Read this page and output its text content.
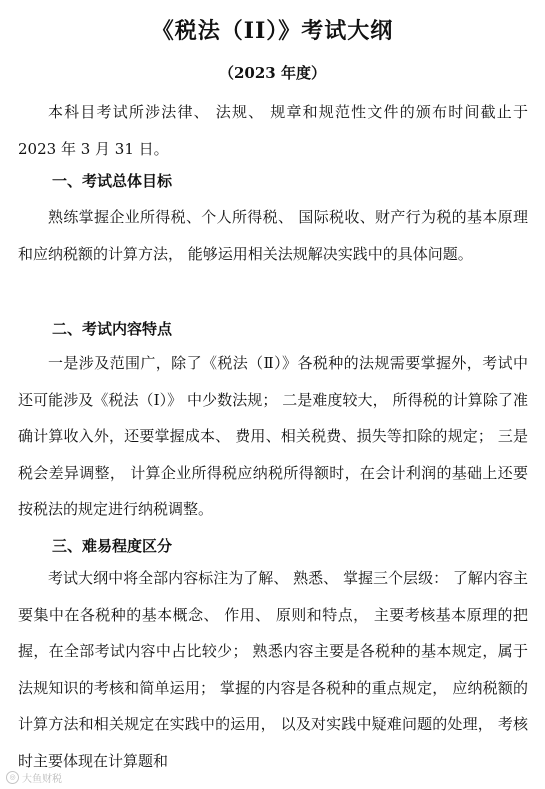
《税法（II）》考试大纲
（2023 年度）

本科目考试所涉法律、 法规、 规章和规范性文件的颁布时间截止于 2023 年 3 月 31 日。

一、考试总体目标

熟练掌握企业所得税、个人所得税、 国际税收、财产行为税的基本原理和应纳税额的计算方法， 能够运用相关法规解决实践中的具体问题。

二、考试内容特点

一是涉及范围广，除了《税法（Ⅱ）》各税种的法规需要掌握外，考试中还可能涉及《税法（Ⅰ）》 中少数法规； 二是难度较大， 所得税的计算除了准确计算收入外，还要掌握成本、 费用、相关税费、损失等扣除的规定； 三是税会差异调整， 计算企业所得税应纳税所得额时，在会计利润的基础上还要按税法的规定进行纳税调整。

三、难易程度区分

考试大纲中将全部内容标注为了解、 熟悉、 掌握三个层级： 了解内容主要集中在各税种的基本概念、 作用、 原则和特点， 主要考核基本原理的把握，在全部考试内容中占比较少； 熟悉内容主要是各税种的基本规定，属于法规知识的考核和简单运用； 掌握的内容是各税种的重点规定， 应纳税额的计算方法和相关规定在实践中的运用， 以及对实践中疑难问题的处理， 考核时主要体现在计算题和

◎ 大鱼财税
